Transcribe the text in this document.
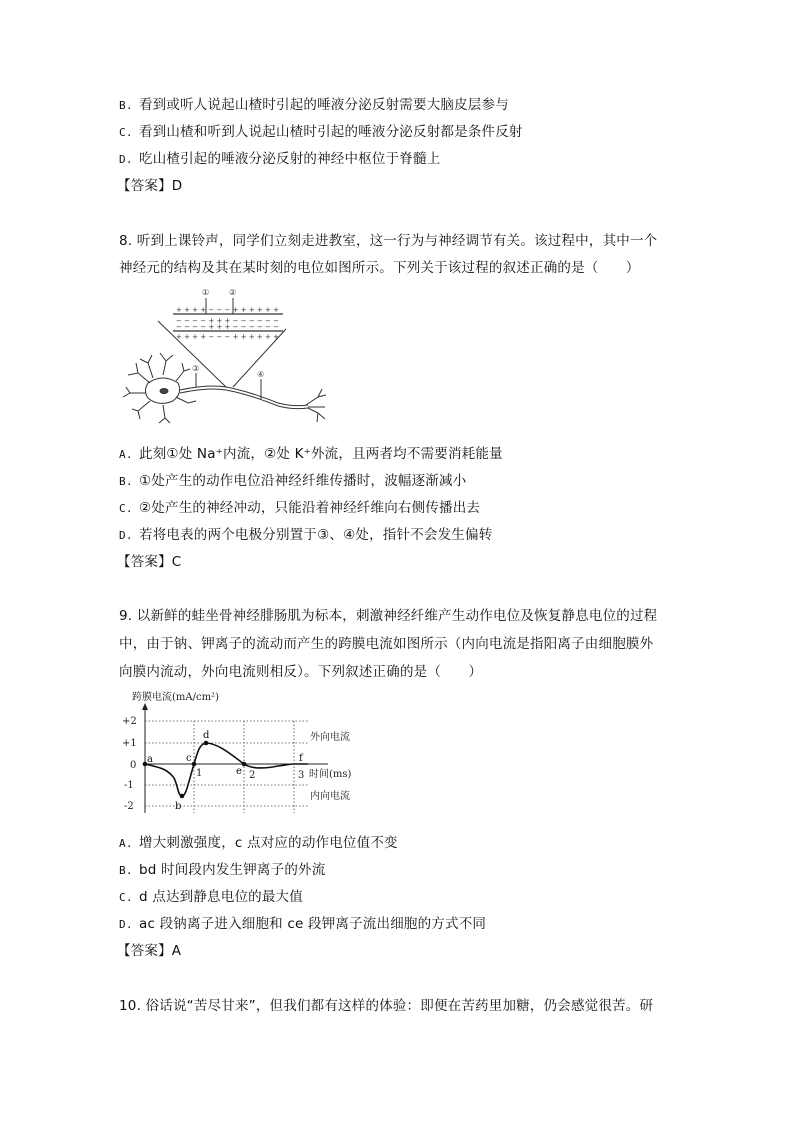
B. 看到或听人说起山楂时引起的唾液分泌反射需要大脑皮层参与
C. 看到山楂和听到人说起山楂时引起的唾液分泌反射都是条件反射
D. 吃山楂引起的唾液分泌反射的神经中枢位于脊髓上
【答案】D
8. 听到上课铃声，同学们立刻走进教室，这一行为与神经调节有关。该过程中，其中一个
神经元的结构及其在某时刻的电位如图所示。下列关于该过程的叙述正确的是（　　）
+ + + + − − − + + + + + +
− − − − + + + − − − − − −
− − − − + + + − − − − − −
+ + + + − − − + + + + + +
① ②
③
④
A. 此刻①处 Na⁺内流，②处 K⁺外流，且两者均不需要消耗能量
B. ①处产生的动作电位沿神经纤维传播时，波幅逐渐减小
C. ②处产生的神经冲动，只能沿着神经纤维向右侧传播出去
D. 若将电表的两个电极分别置于③、④处，指针不会发生偏转
【答案】C
9. 以新鲜的蛙坐骨神经腓肠肌为标本，刺激神经纤维产生动作电位及恢复静息电位的过程
中，由于钠、钾离子的流动而产生的跨膜电流如图所示（内向电流是指阳离子由细胞膜外
向膜内流动，外向电流则相反）。下列叙述正确的是（　　）
跨膜电流(mA/cm²)
+2
+1
0
-1
-2
1	2	3 时间(ms)
外向电流
内向电流
a
b
c
d
e
f
A. 增大刺激强度，c 点对应的动作电位值不变
B. bd 时间段内发生钾离子的外流
C. d 点达到静息电位的最大值
D. ac 段钠离子进入细胞和 ce 段钾离子流出细胞的方式不同
【答案】A
10. 俗话说“苦尽甘来”，但我们都有这样的体验：即便在苦药里加糖，仍会感觉很苦。研
